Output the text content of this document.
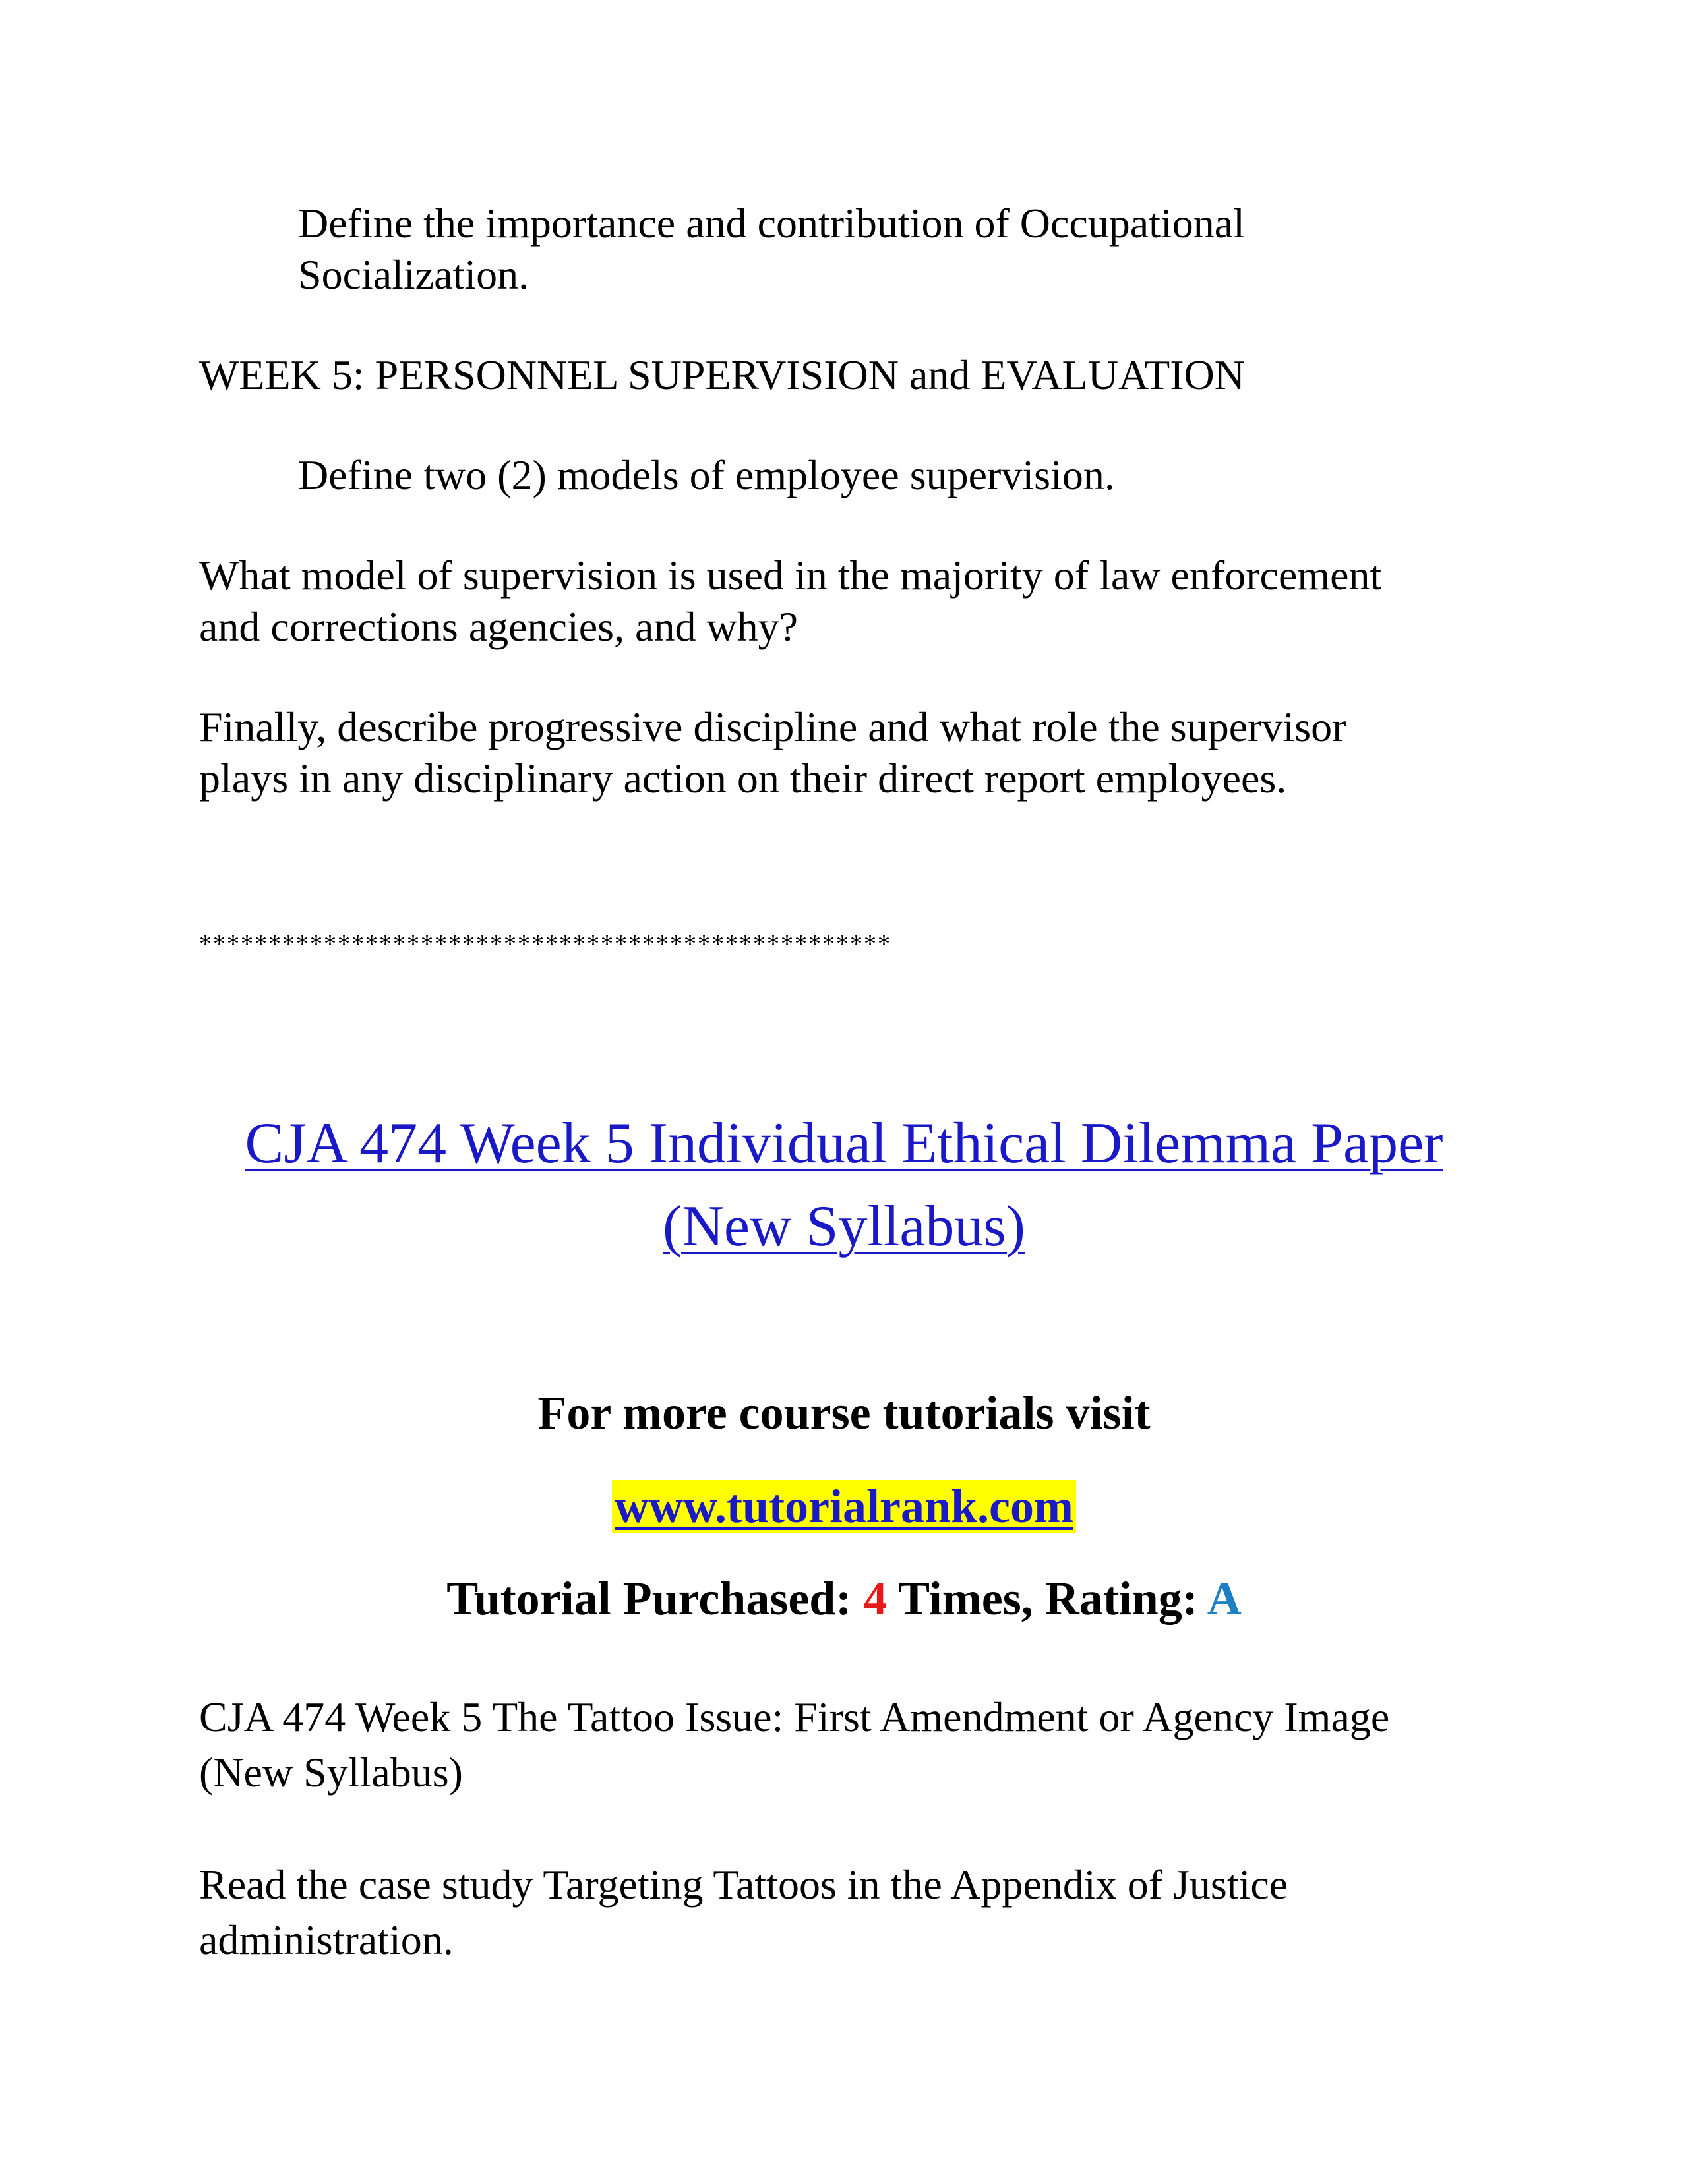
Define the importance and contribution of Occupational
Socialization.
WEEK 5: PERSONNEL SUPERVISION and EVALUATION
Define two (2) models of employee supervision.
What model of supervision is used in the majority of law enforcement
and corrections agencies, and why?
Finally, describe progressive discipline and what role the supervisor
plays in any disciplinary action on their direct report employees.
**************************************************
CJA 474 Week 5 Individual Ethical Dilemma Paper
(New Syllabus)
For more course tutorials visit
www.tutorialrank.com
Tutorial Purchased: 4 Times, Rating: A
CJA 474 Week 5 The Tattoo Issue: First Amendment or Agency Image
(New Syllabus)
Read the case study Targeting Tattoos in the Appendix of Justice
administration.
